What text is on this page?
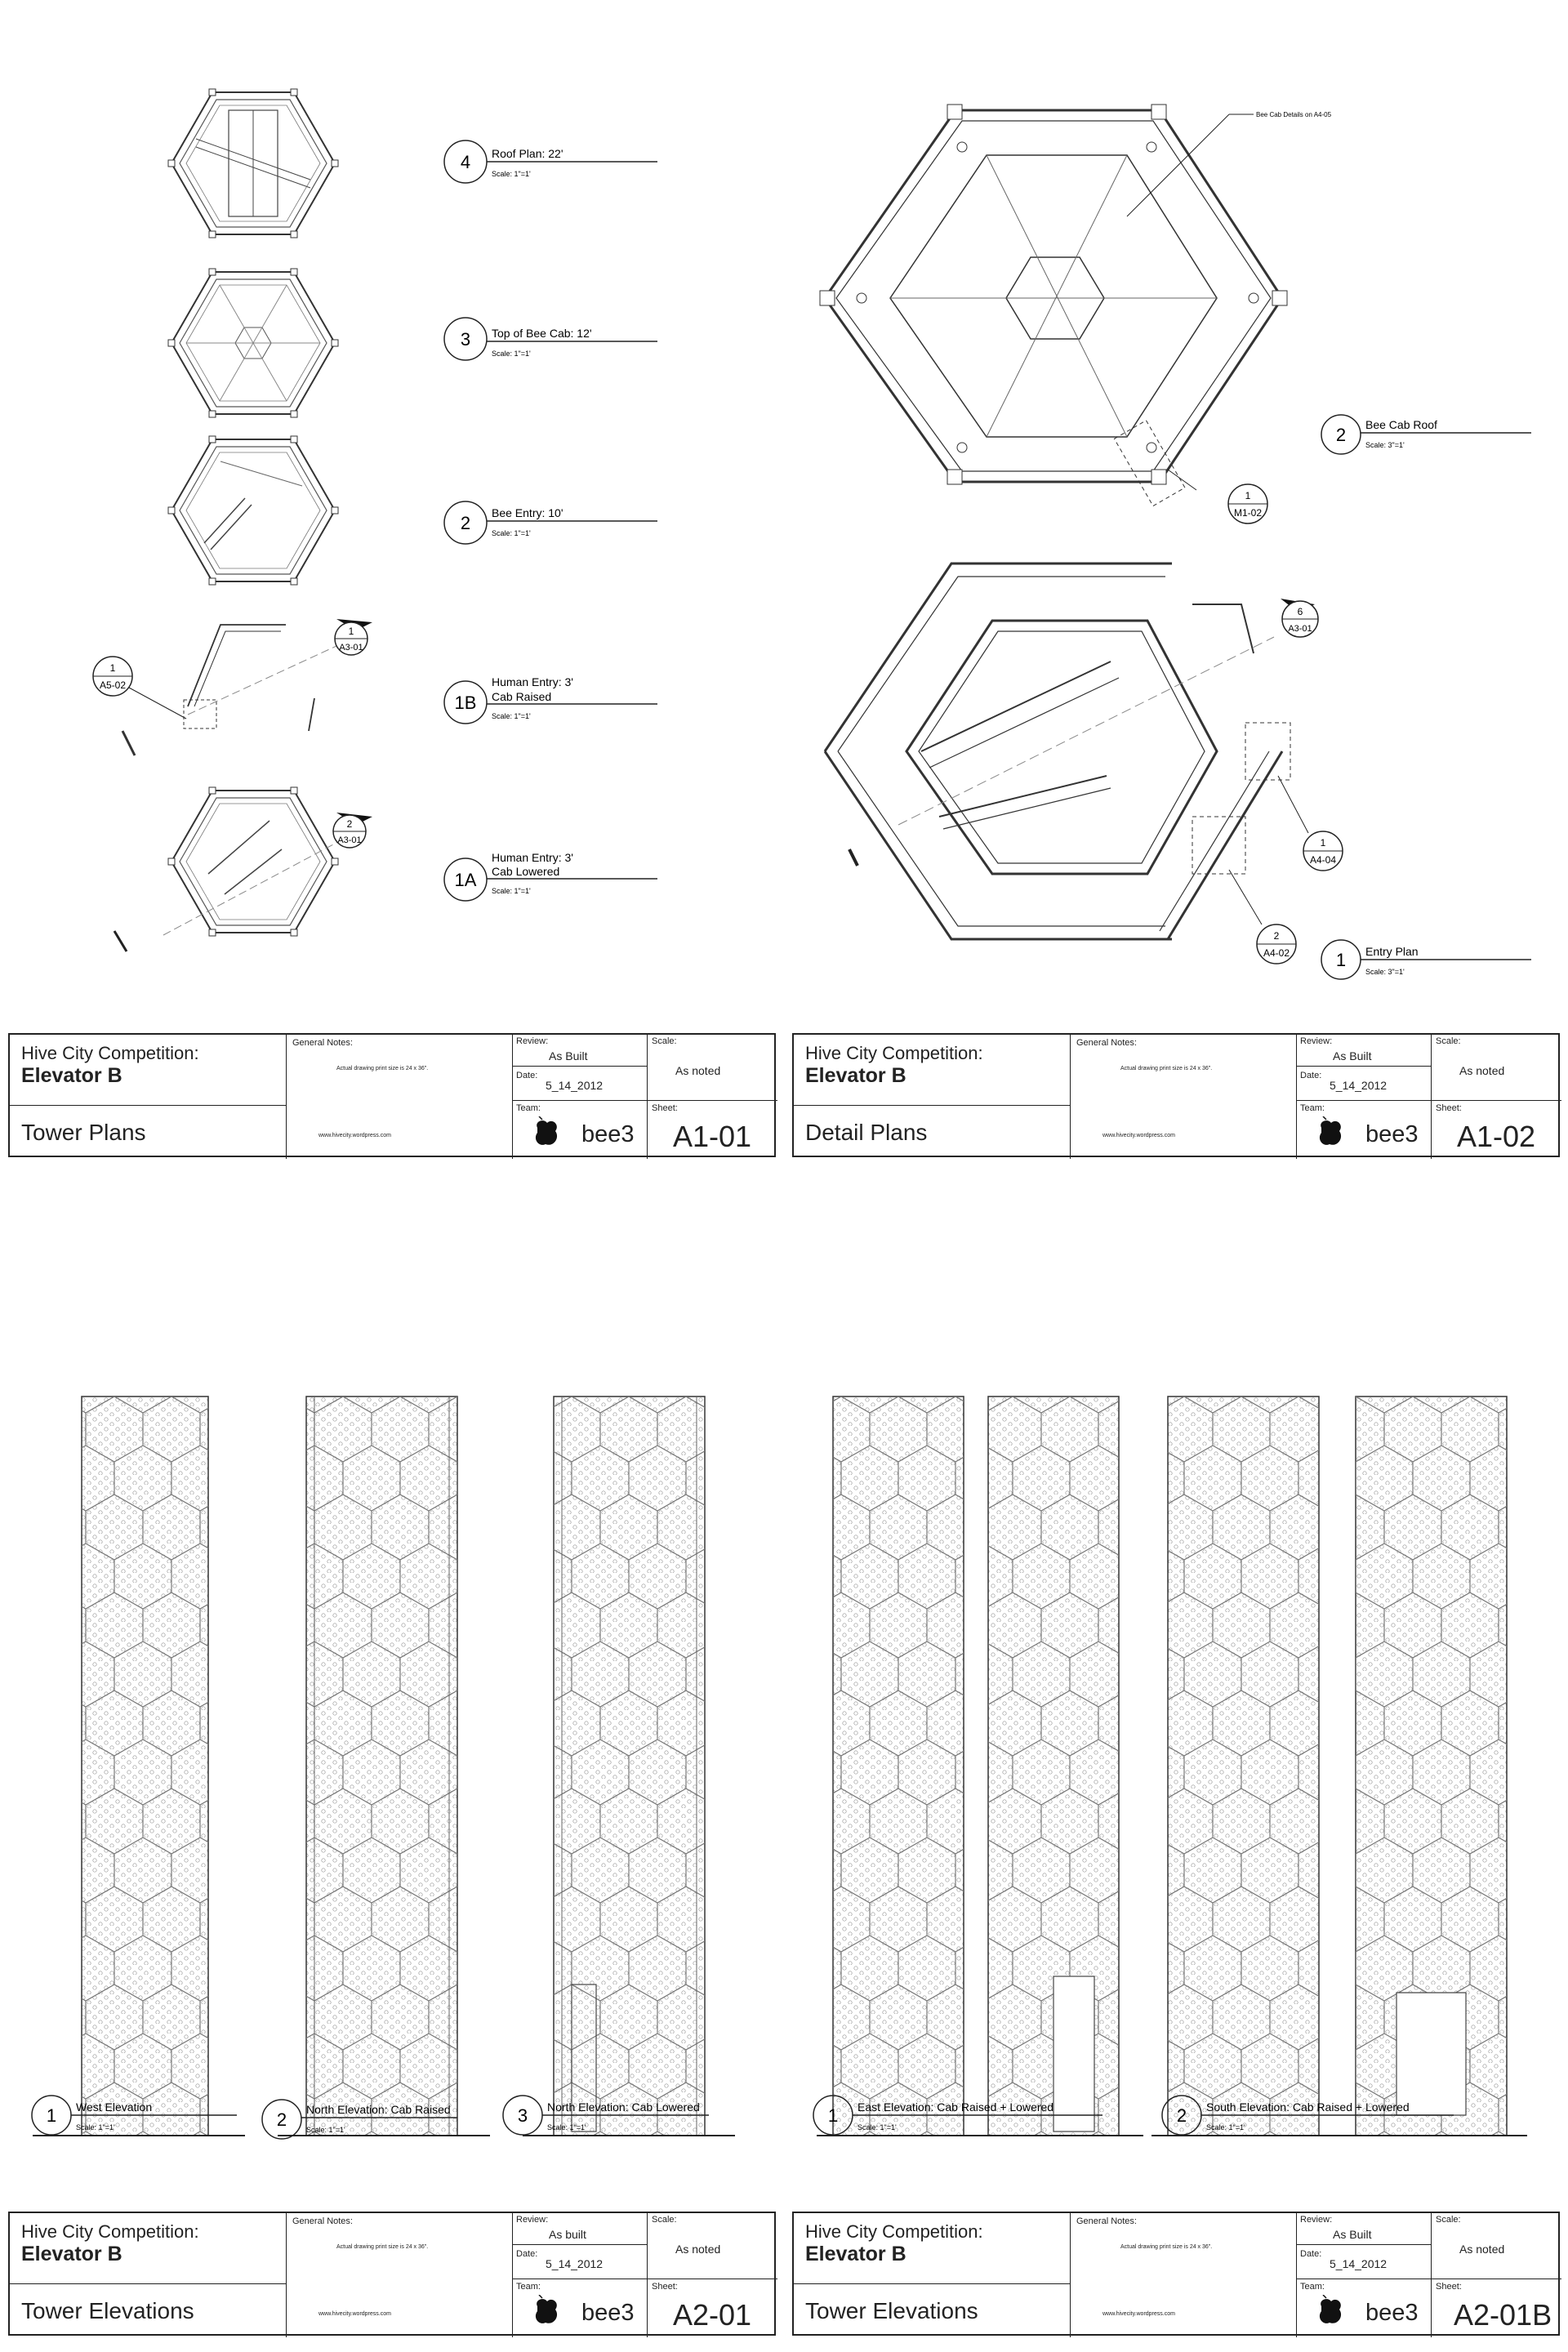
1
A5-02
1
A3-01
2
A3-01
4 Roof Plan: 22'
Scale: 1"=1'
3 Top of Bee Cab: 12'
Scale: 1"=1'
2 Bee Entry: 10'
Scale: 1"=1'
1B
Human Entry: 3'
Cab Raised
Scale: 1"=1'
1A
Human Entry: 3'
Cab Lowered
Scale: 1"=1'
Bee Cab Details on A4-05
1
M1-02
6
A3-01
1
A4-04
2
A4-02
2 Bee Cab Roof
Scale: 3"=1'
1 Entry Plan
Scale: 3"=1'
1 West Elevation
Scale: 1"=1'	2 North Elevation: Cab Raised
Scale: 1"=1'
3 North Elevation: Cab Lowered
Scale: 1"=1'
1 East Elevation: Cab Raised + Lowered
Scale: 1"=1'
2 South Elevation: Cab Raised + Lowered
Scale: 1"=1'
Hive City Competition:
Elevator B
Tower Plans
General Notes:
Actual drawing print size is 24 x 36".
www.hivecity.wordpress.com
Review:
As Built
Date:
5_14_2012
Team:
bee3
Scale:
As noted
Sheet:
A1-01
Hive City Competition:
Elevator B
Detail Plans
General Notes:
Actual drawing print size is 24 x 36".
www.hivecity.wordpress.com
Review:
As Built
Date:
5_14_2012
Team:
bee3
Scale:
As noted
Sheet:
A1-02
Hive City Competition:
Elevator B
Tower Elevations
General Notes:
Actual drawing print size is 24 x 36".
www.hivecity.wordpress.com
Review:
As built
Date:
5_14_2012
Team:
bee3
Scale:
As noted
Sheet:
A2-01
Hive City Competition:
Elevator B
Tower Elevations
General Notes:
Actual drawing print size is 24 x 36".
www.hivecity.wordpress.com
Review:
As Built
Date:
5_14_2012
Team:
bee3
Scale:
As noted
Sheet:
A2-01B
